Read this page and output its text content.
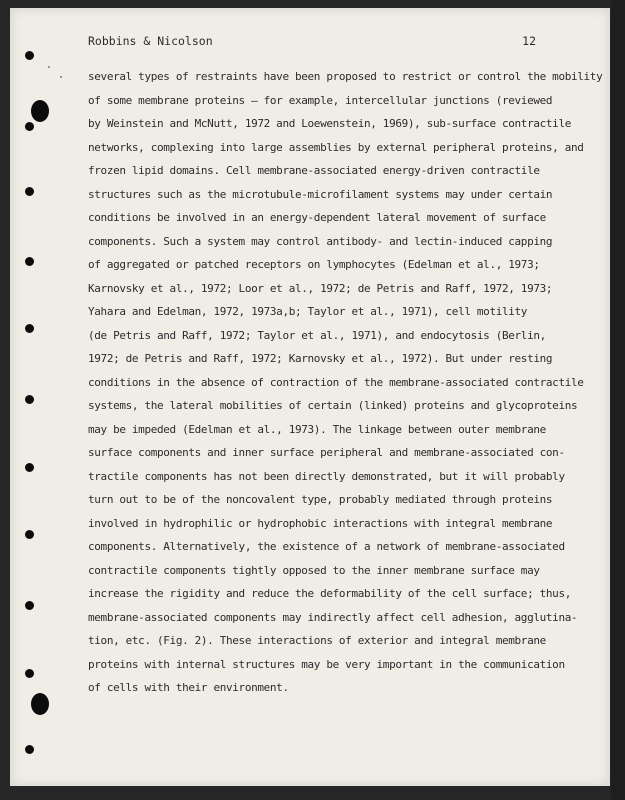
Robbins & Nicolson	12
several types of restraints have been proposed to restrict or control the mobility
of some membrane proteins — for example, intercellular junctions (reviewed
by Weinstein and McNutt, 1972 and Loewenstein, 1969), sub-surface contractile
networks, complexing into large assemblies by external peripheral proteins, and
frozen lipid domains. Cell membrane-associated energy-driven contractile
structures such as the microtubule-microfilament systems may under certain
conditions be involved in an energy-dependent lateral movement of surface
components. Such a system may control antibody- and lectin-induced capping
of aggregated or patched receptors on lymphocytes (Edelman et al., 1973;
Karnovsky et al., 1972; Loor et al., 1972; de Petris and Raff, 1972, 1973;
Yahara and Edelman, 1972, 1973a,b; Taylor et al., 1971), cell motility
(de Petris and Raff, 1972; Taylor et al., 1971), and endocytosis (Berlin,
1972; de Petris and Raff, 1972; Karnovsky et al., 1972). But under resting
conditions in the absence of contraction of the membrane-associated contractile
systems, the lateral mobilities of certain (linked) proteins and glycoproteins
may be impeded (Edelman et al., 1973). The linkage between outer membrane
surface components and inner surface peripheral and membrane-associated con-
tractile components has not been directly demonstrated, but it will probably
turn out to be of the noncovalent type, probably mediated through proteins
involved in hydrophilic or hydrophobic interactions with integral membrane
components. Alternatively, the existence of a network of membrane-associated
contractile components tightly opposed to the inner membrane surface may
increase the rigidity and reduce the deformability of the cell surface; thus,
membrane-associated components may indirectly affect cell adhesion, agglutina-
tion, etc. (Fig. 2). These interactions of exterior and integral membrane
proteins with internal structures may be very important in the communication
of cells with their environment.
